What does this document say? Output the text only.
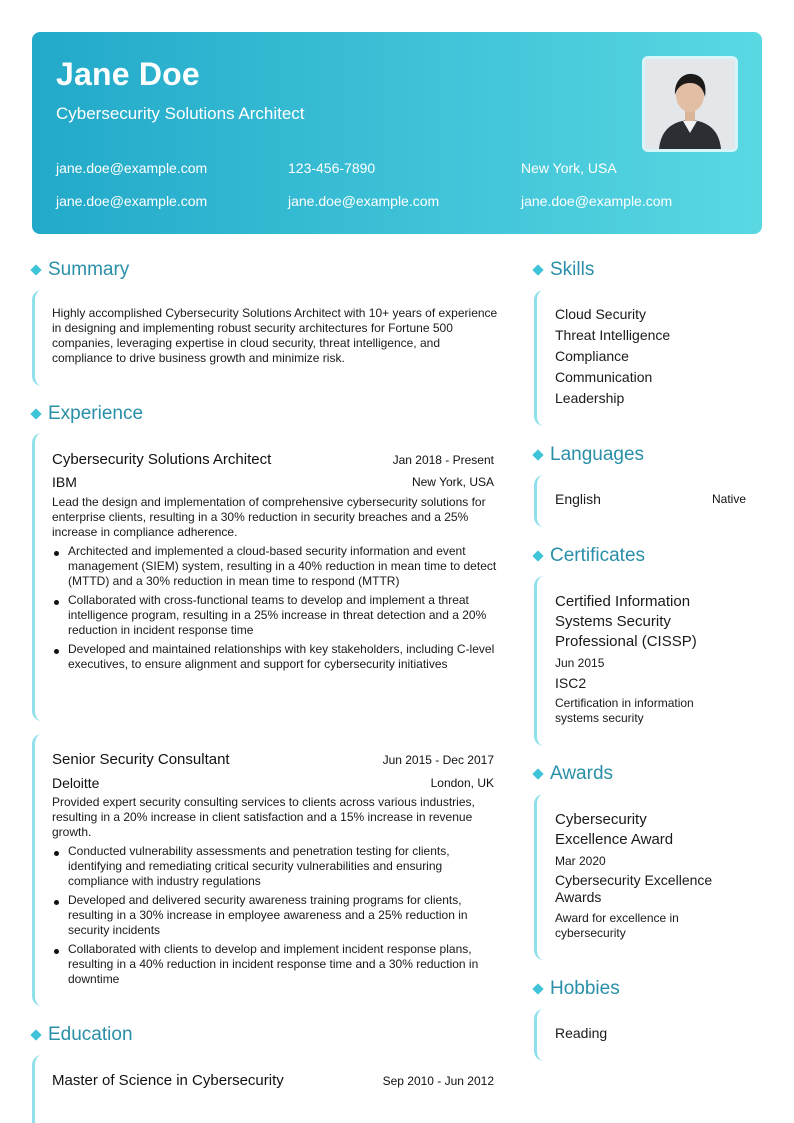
Jane Doe
Cybersecurity Solutions Architect
jane.doe@example.com	123-456-7890	New York, USA
jane.doe@example.com	jane.doe@example.com	jane.doe@example.com
Summary

Highly accomplished Cybersecurity Solutions Architect with 10+ years of experience in designing and implementing robust security architectures for Fortune 500 companies, leveraging expertise in cloud security, threat intelligence, and compliance to drive business growth and minimize risk.

Experience
Cybersecurity Solutions Architect	Jan 2018 - Present
IBM	New York, USA

Lead the design and implementation of comprehensive cybersecurity solutions for enterprise clients, resulting in a 30% reduction in security breaches and a 25% increase in compliance adherence.

Architected and implemented a cloud-based security information and event management (SIEM) system, resulting in a 40% reduction in mean time to detect (MTTD) and a 30% reduction in mean time to respond (MTTR)
Collaborated with cross-functional teams to develop and implement a threat intelligence program, resulting in a 25% increase in threat detection and a 20% reduction in incident response time
Developed and maintained relationships with key stakeholders, including C-level executives, to ensure alignment and support for cybersecurity initiatives
Senior Security Consultant	Jun 2015 - Dec 2017
Deloitte	London, UK

Provided expert security consulting services to clients across various industries, resulting in a 20% increase in client satisfaction and a 15% increase in revenue growth.

Conducted vulnerability assessments and penetration testing for clients, identifying and remediating critical security vulnerabilities and ensuring compliance with industry regulations
Developed and delivered security awareness training programs for clients, resulting in a 30% increase in employee awareness and a 25% reduction in security incidents
Collaborated with clients to develop and implement incident response plans, resulting in a 40% reduction in incident response time and a 30% reduction in downtime
Education
Master of Science in Cybersecurity	Sep 2010 - Jun 2012
Skills
Cloud Security
Threat Intelligence
Compliance
Communication
Leadership
Languages
English	Native
Certificates
Certified Information Systems Security Professional (CISSP)
Jun 2015
ISC2
Certification in information systems security
Awards
Cybersecurity Excellence Award
Mar 2020
Cybersecurity Excellence Awards
Award for excellence in cybersecurity
Hobbies
Reading
